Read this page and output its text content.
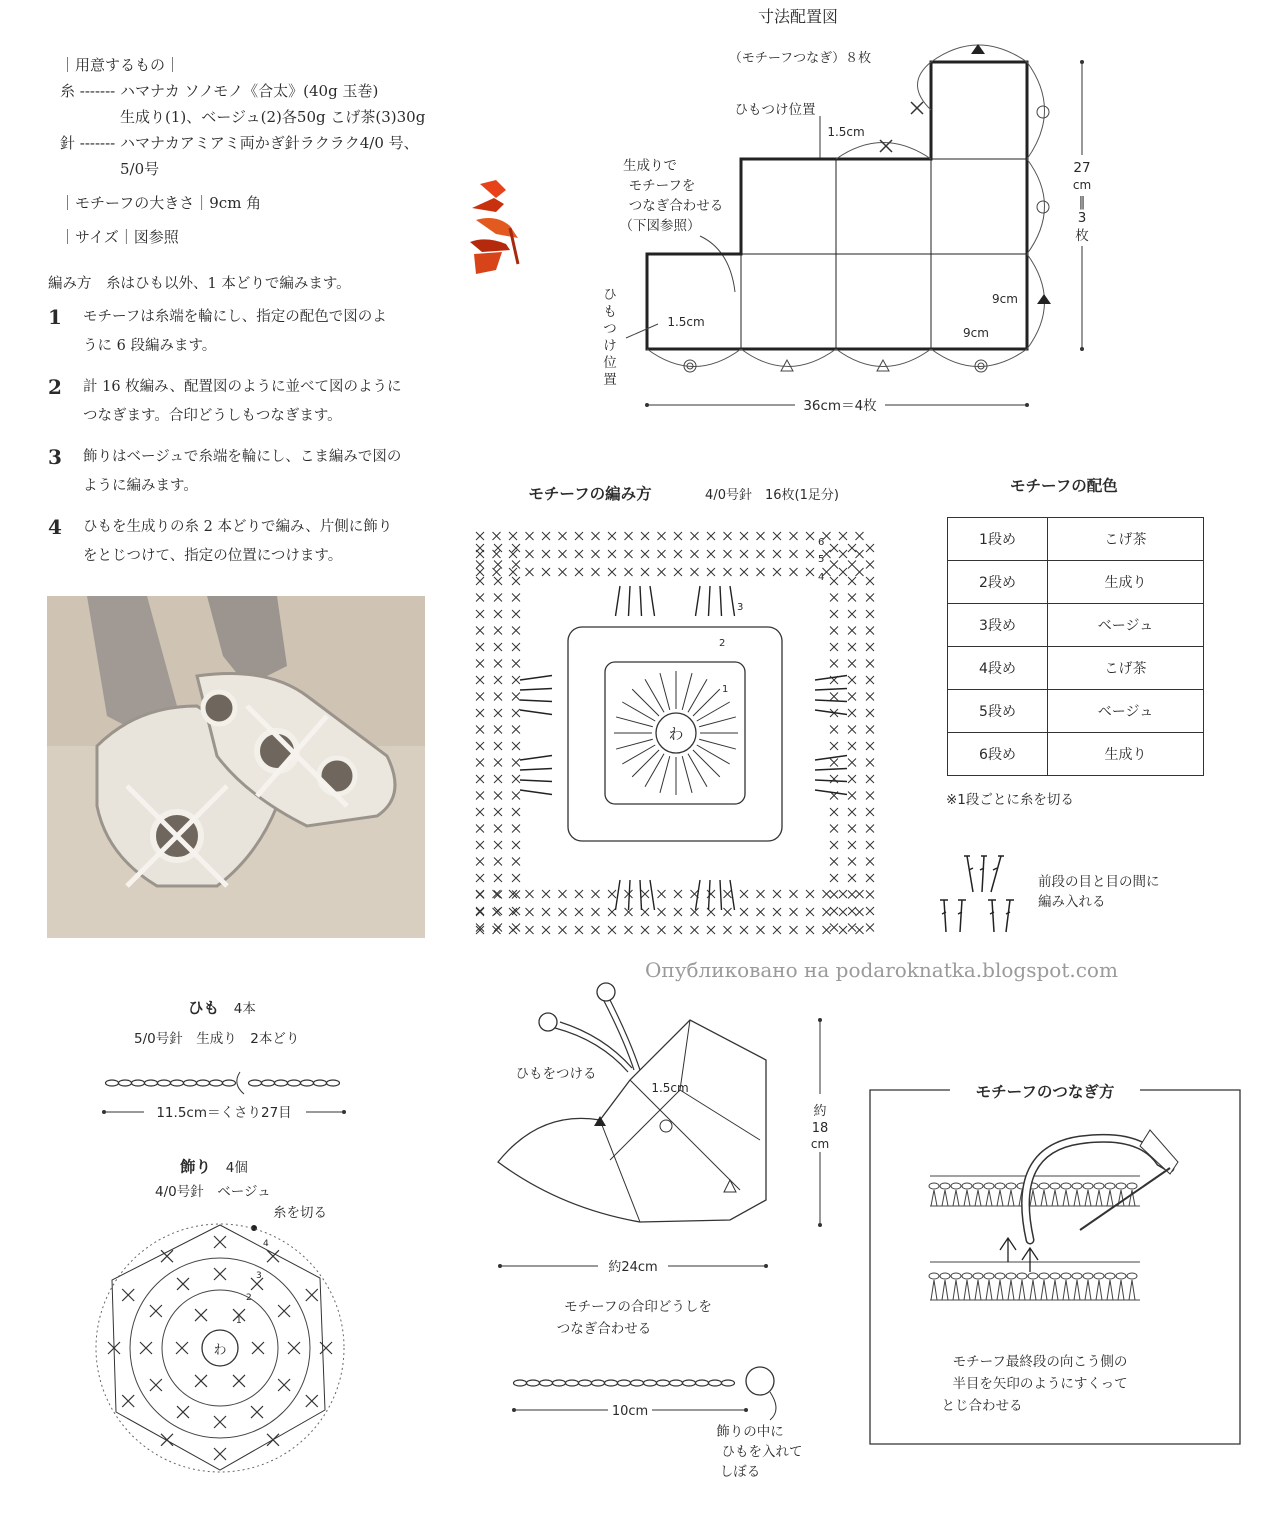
｜用意するもの｜
糸 ------- ハマナカ ソノモノ《合太》(40g 玉巻)
生成り(1)、ベージュ(2)各50g こげ茶(3)30g
針 ------- ハマナカアミアミ両かぎ針ラクラク4/0 号、
5/0号
｜モチーフの大きさ｜9cm 角
｜サイズ｜図参照
編み方　糸はひも以外、1 本どりで編みます。
1 モチーフは糸端を輪にし、指定の配色で図のよ
うに 6 段編みます。
2 計 16 枚編み、配置図のように並べて図のように
つなぎます。合印どうしもつなぎます。
3 飾りはベージュで糸端を輪にし、こま編みで図の
ように編みます。
4 ひもを生成りの糸 2 本どりで編み、片側に飾り
をとじつけて、指定の位置につけます。
寸法配置図
（モチーフつなぎ）８枚
ひもつけ位置
1.5cm
生成りで
モチーフを
つなぎ合わせる
（下図参照）
ひ
も
つ
け
位
置
1.5cm
9cm
9cm
27
cm
‖
3
枚
36cm＝4枚
モチーフの編み方	4/0号針　16枚(1足分)
わ
1
2
3
4
5
6
モチーフの配色
1段め	こげ茶
2段め	生成り
3段め	ベージュ
4段め	こげ茶
5段め	ベージュ
6段め	生成り
※1段ごとに糸を切る
前段の目と目の間に
編み入れる
Опубликовано на podaroknatka.blogspot.com
ひも 4本
5/0号針　生成り　2本どり
11.5cm＝くさり27目
飾り 4個
4/0号針　ベージュ
糸を切る
わ
1
2
3
4
ひもをつける
1.5cm
約
18
cm
約24cm
モチーフの合印どうしを
つなぎ合わせる
10cm
飾りの中に
ひもを入れて
しぼる
モチーフのつなぎ方
モチーフ最終段の向こう側の
半目を矢印のようにすくって
とじ合わせる
